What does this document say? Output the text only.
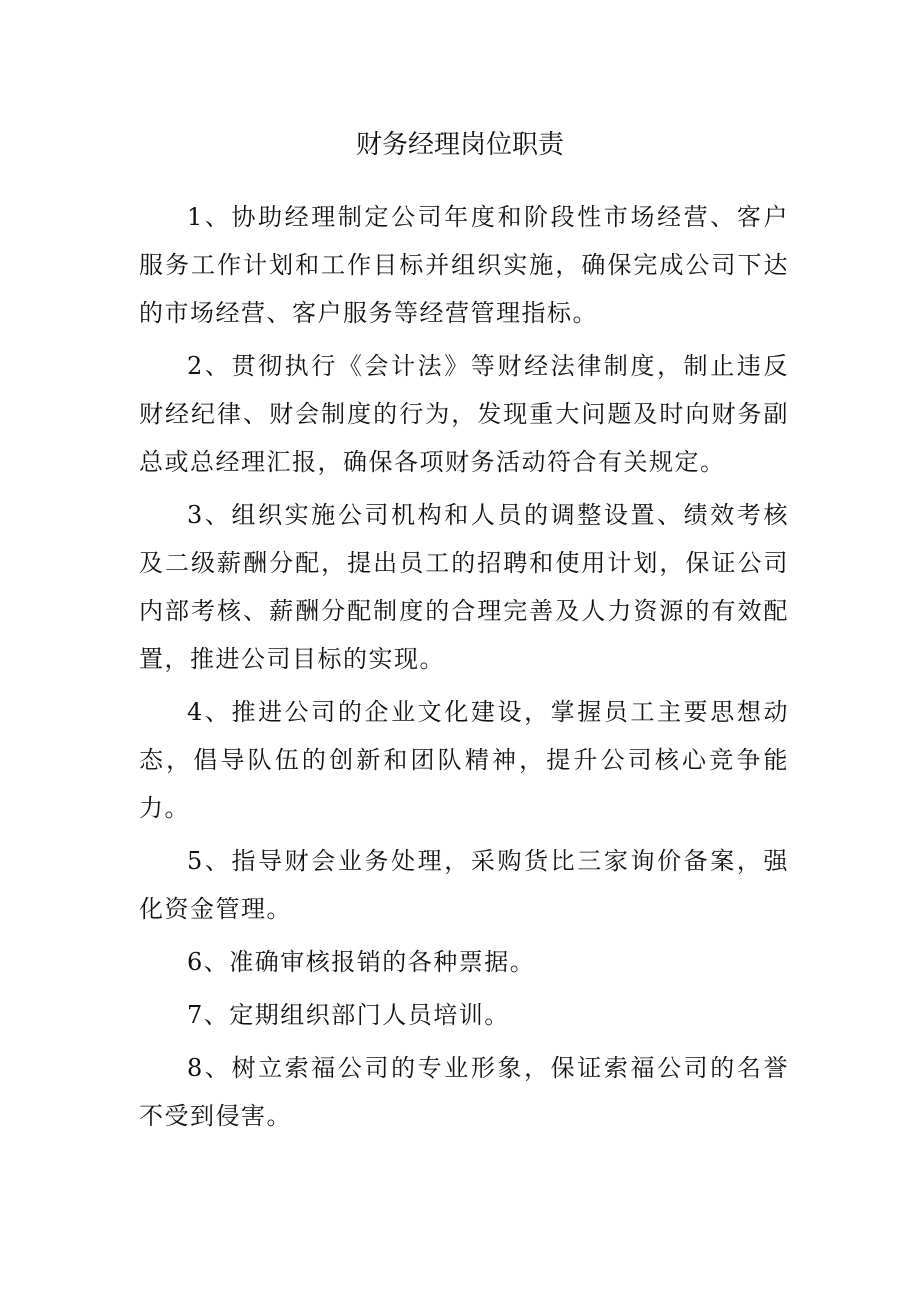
财务经理岗位职责

1、协助经理制定公司年度和阶段性市场经营、客户服务工作计划和工作目标并组织实施，确保完成公司下达的市场经营、客户服务等经营管理指标。

2、贯彻执行《会计法》等财经法律制度，制止违反财经纪律、财会制度的行为，发现重大问题及时向财务副总或总经理汇报，确保各项财务活动符合有关规定。

3、组织实施公司机构和人员的调整设置、绩效考核及二级薪酬分配，提出员工的招聘和使用计划，保证公司内部考核、薪酬分配制度的合理完善及人力资源的有效配置，推进公司目标的实现。

4、推进公司的企业文化建设，掌握员工主要思想动态，倡导队伍的创新和团队精神，提升公司核心竞争能力。

5、指导财会业务处理，采购货比三家询价备案，强化资金管理。

6、准确审核报销的各种票据。

7、定期组织部门人员培训。

8、树立索福公司的专业形象，保证索福公司的名誉不受到侵害。
